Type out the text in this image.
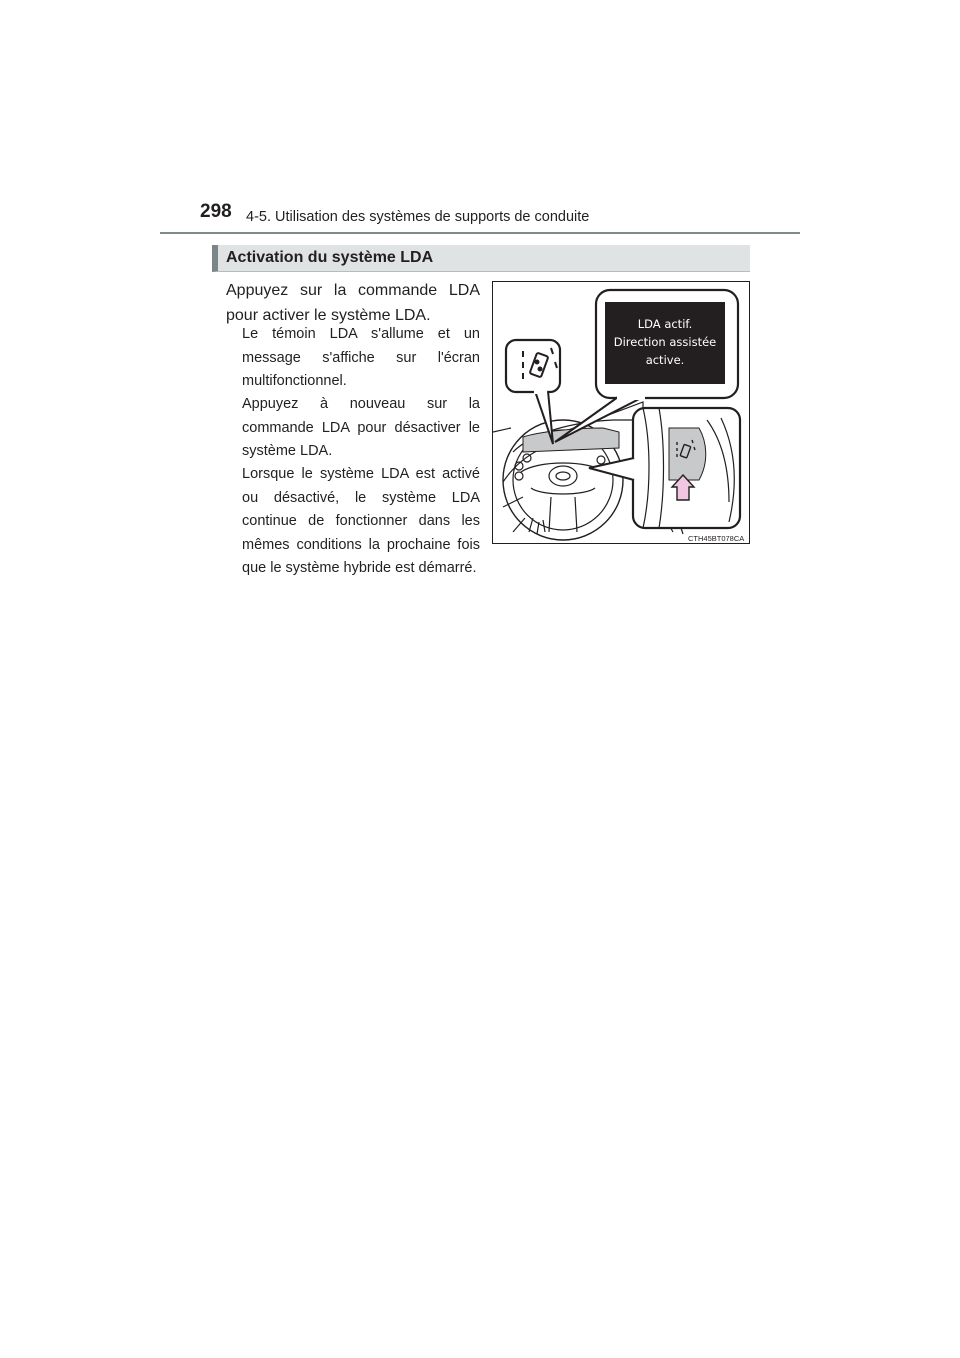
298 4-5. Utilisation des systèmes de supports de conduite
Activation du système LDA
Appuyez sur la commande LDA pour activer le système LDA.
Le témoin LDA s'allume et un message s'affiche sur l'écran multifonctionnel.
Appuyez à nouveau sur la commande LDA pour désactiver le système LDA.
Lorsque le système LDA est activé ou désactivé, le système LDA continue de fonctionner dans les mêmes conditions la prochaine fois que le système hybride est démarré.
LDA actif.
Direction assistée
active.
CTH45BT078CA
